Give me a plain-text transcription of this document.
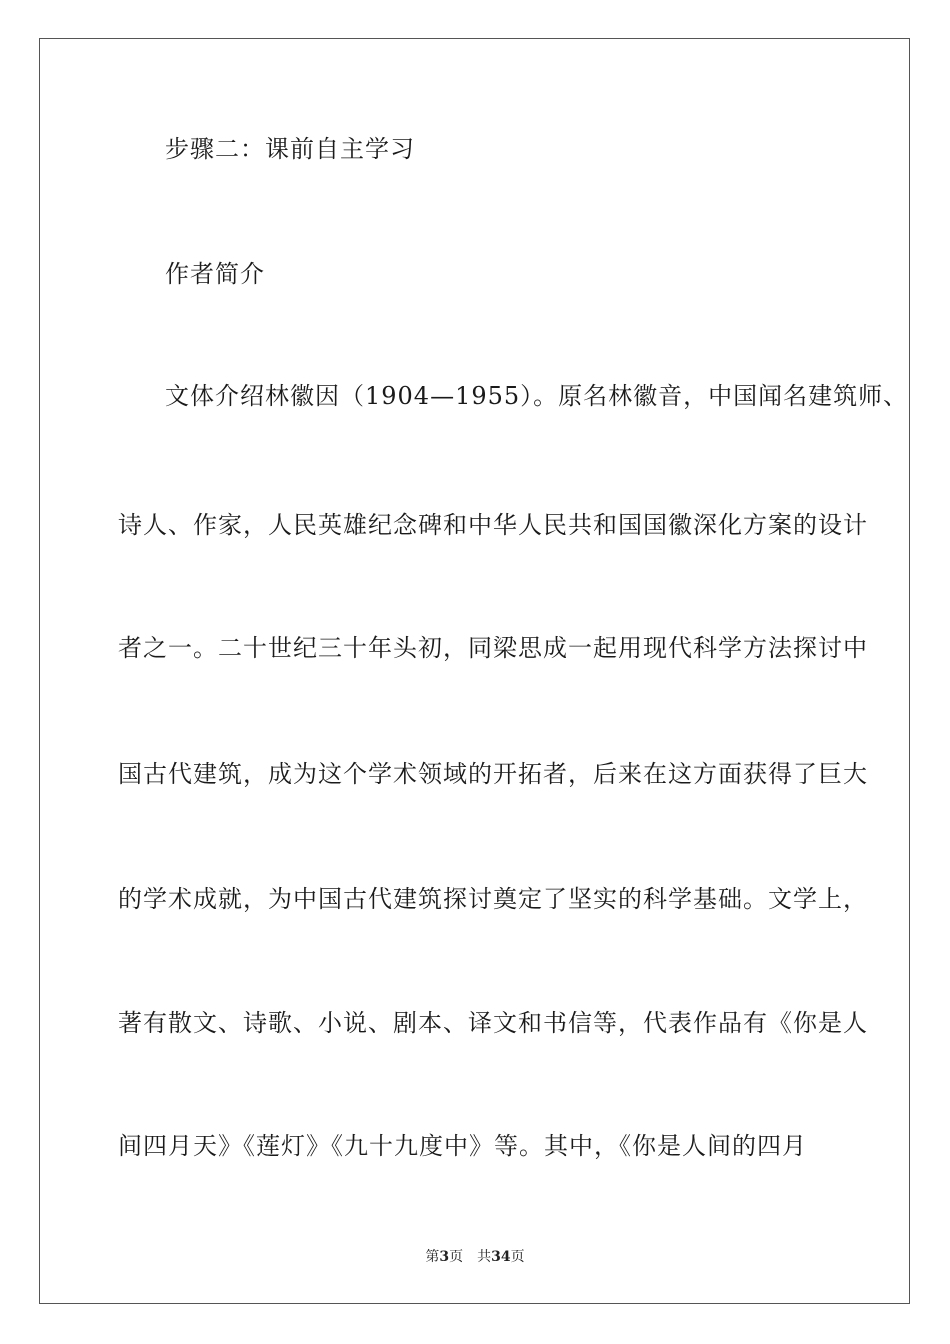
步骤二：课前自主学习
作者简介
文体介绍林徽因（1904—1955）。原名林徽音，中国闻名建筑师、
诗人、作家，人民英雄纪念碑和中华人民共和国国徽深化方案的设计
者之一。二十世纪三十年头初，同梁思成一起用现代科学方法探讨中
国古代建筑，成为这个学术领域的开拓者，后来在这方面获得了巨大
的学术成就，为中国古代建筑探讨奠定了坚实的科学基础。文学上，
著有散文、诗歌、小说、剧本、译文和书信等，代表作品有《你是人
间四月天》《莲灯》《九十九度中》等。其中，《你是人间的四月
第3页 共34页
